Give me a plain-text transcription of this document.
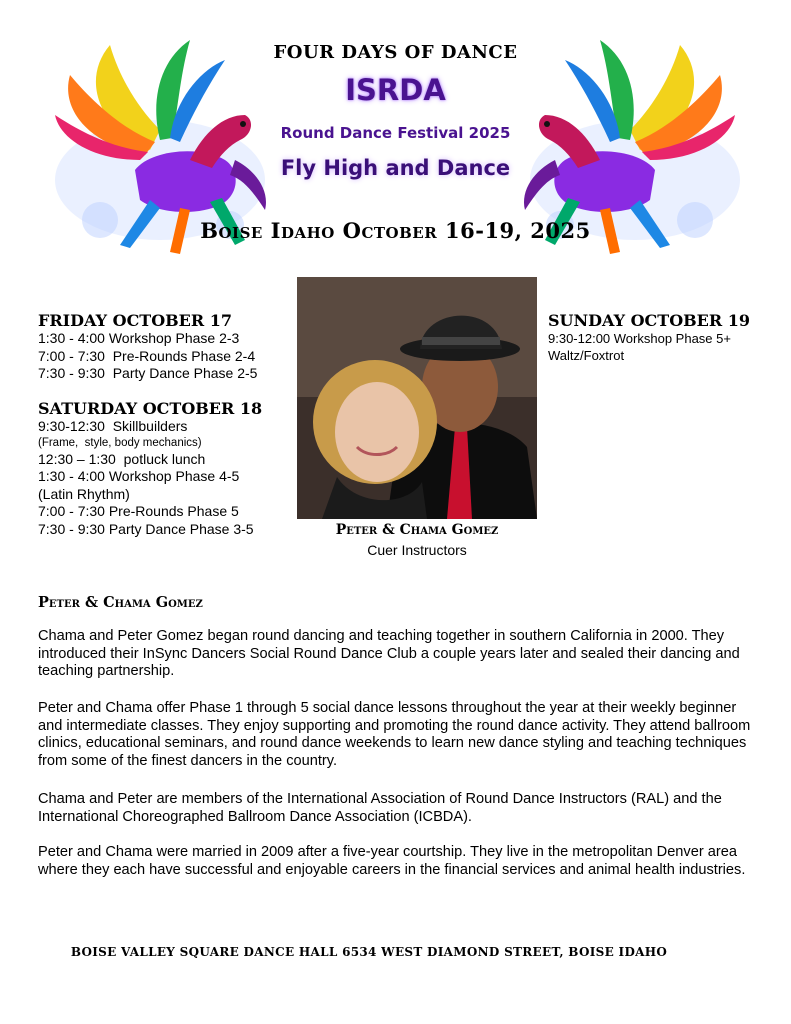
FOUR DAYS OF DANCE
ISRDA
Round Dance Festival 2025
Fly High and Dance
Boise Idaho October 16-19, 2025
FRIDAY OCTOBER 17
1:30 - 4:00 Workshop Phase 2-3
7:00 - 7:30  Pre-Rounds Phase 2-4
7:30 - 9:30  Party Dance Phase 2-5
SATURDAY OCTOBER 18
9:30-12:30  Skillbuilders
(Frame,  style, body mechanics)
12:30 – 1:30  potluck lunch
1:30 - 4:00 Workshop Phase 4-5
(Latin Rhythm)
7:00 - 7:30 Pre-Rounds Phase 5
7:30 - 9:30 Party Dance Phase 3-5
SUNDAY OCTOBER 19
9:30-12:00 Workshop Phase 5+
Waltz/Foxtrot
Peter & Chama Gomez
Cuer Instructors
Peter & Chama Gomez
Chama and Peter Gomez began round dancing and teaching together in southern California in 2000. They introduced their InSync Dancers Social Round Dance Club a couple years later and sealed their dancing and teaching partnership.
Peter and Chama offer Phase 1 through 5 social dance lessons throughout the year at their weekly beginner and intermediate classes. They enjoy supporting and promoting the round dance activity. They attend ballroom clinics, educational seminars, and round dance weekends to learn new dance styling and teaching techniques from some of the finest dancers in the country.
Chama and Peter are members of the International Association of Round Dance Instructors (RAL) and the International Choreographed Ballroom Dance Association (ICBDA).
Peter and Chama were married in 2009 after a five-year courtship. They live in the metropolitan Denver area where they each have successful and enjoyable careers in the financial services and animal health industries.
BOISE VALLEY SQUARE DANCE HALL 6534 WEST DIAMOND STREET, BOISE IDAHO
